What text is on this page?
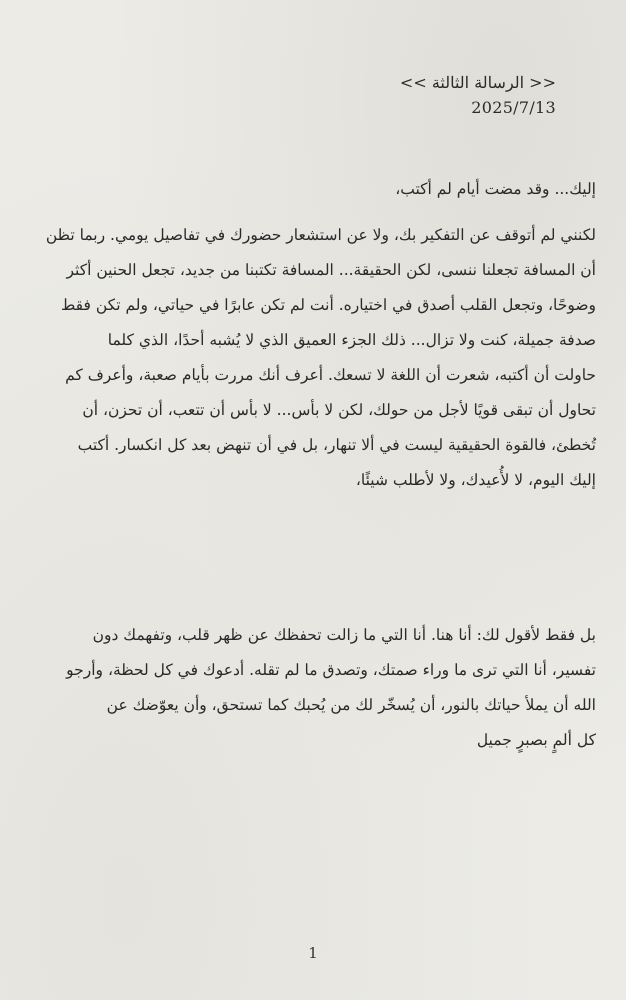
<< الرسالة الثالثة >>
2025/7/13
إليك... وقد مضت أيام لم أكتب،
لكنني لم أتوقف عن التفكير بك، ولا عن استشعار حضورك في تفاصيل يومي. ربما تظن
أن المسافة تجعلنا ننسى، لكن الحقيقة... المسافة تكتبنا من جديد، تجعل الحنين أكثر
وضوحًا، وتجعل القلب أصدق في اختياره. أنت لم تكن عابرًا في حياتي، ولم تكن فقط
صدفة جميلة، كنت ولا تزال... ذلك الجزء العميق الذي لا يُشبه أحدًا، الذي كلما
حاولت أن أكتبه، شعرت أن اللغة لا تسعك. أعرف أنك مررت بأيام صعبة، وأعرف كم
تحاول أن تبقى قويًا لأجل من حولك، لكن لا بأس... لا بأس أن تتعب، أن تحزن، أن
تُخطئ، فالقوة الحقيقية ليست في ألا تنهار، بل في أن تنهض بعد كل انكسار. أكتب
إليك اليوم، لا لأُعيدك، ولا لأطلب شيئًا،
بل فقط لأقول لك: أنا هنا. أنا التي ما زالت تحفظك عن ظهر قلب، وتفهمك دون
تفسير، أنا التي ترى ما وراء صمتك، وتصدق ما لم تقله. أدعوك في كل لحظة، وأرجو
الله أن يملأ حياتك بالنور، أن يُسخّر لك من يُحبك كما تستحق، وأن يعوّضك عن
كل ألمٍ بصبرٍ جميل
1
